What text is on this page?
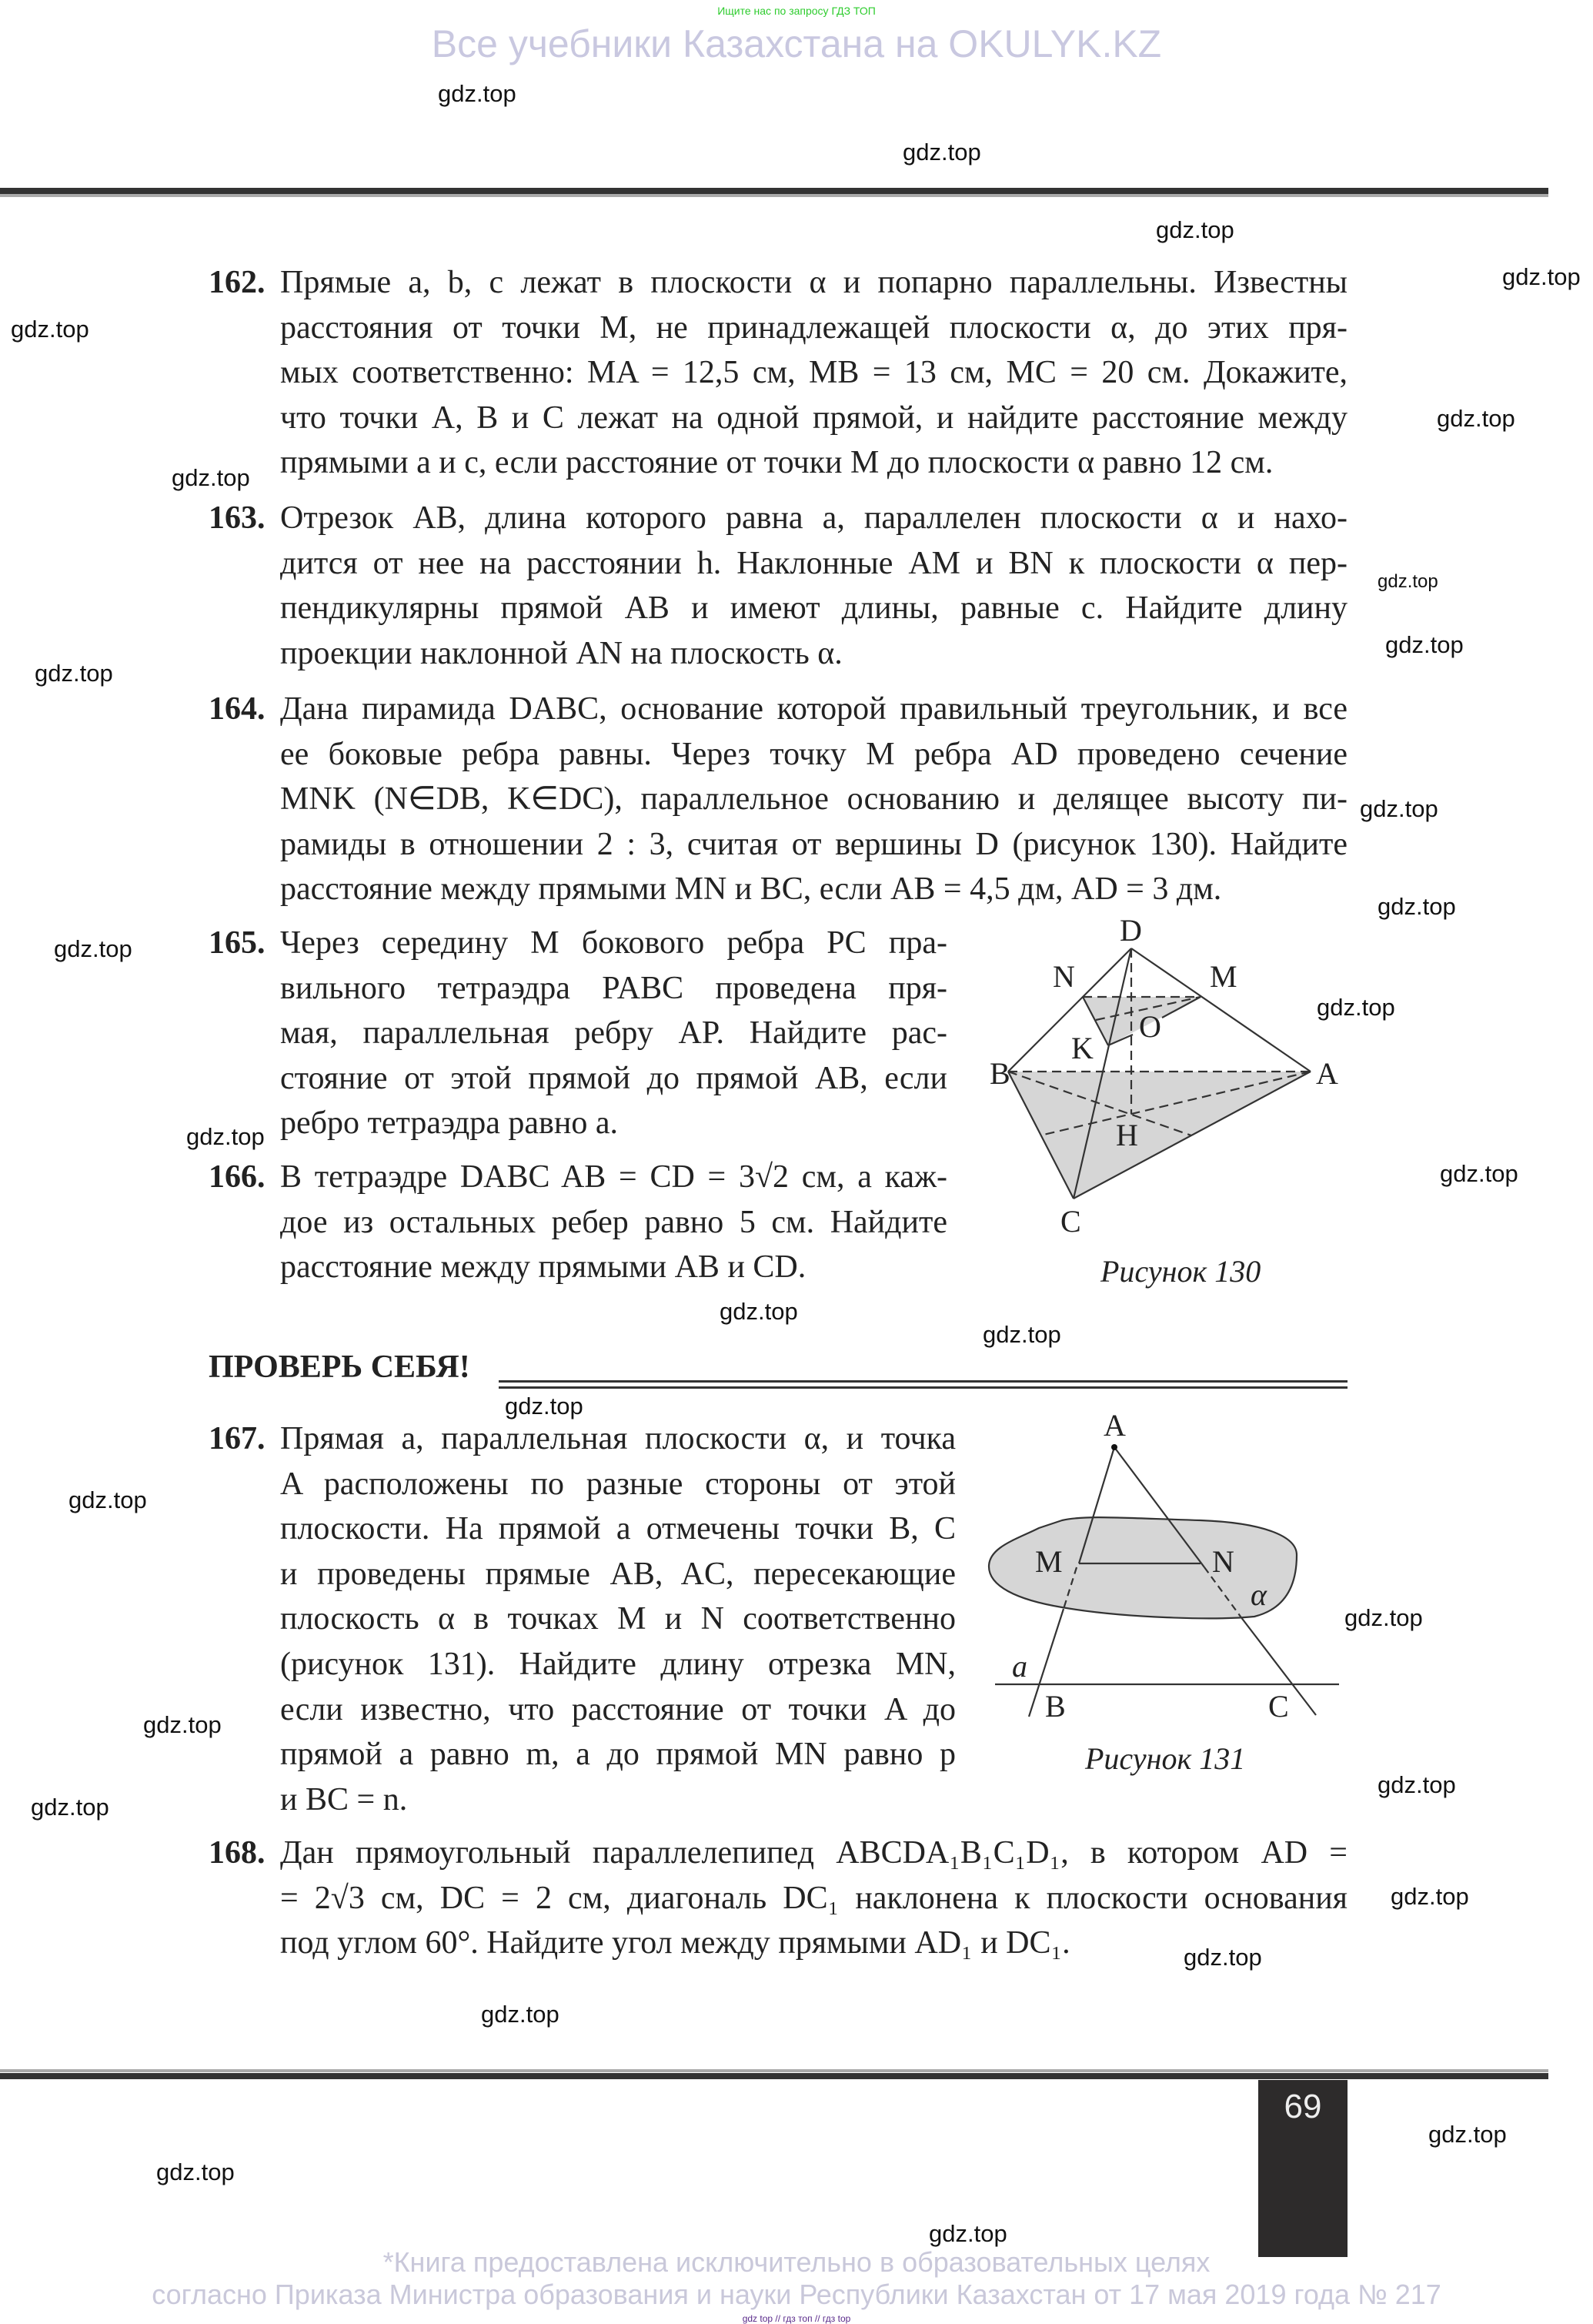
Ищите нас по запросу ГДЗ ТОП
Все учебники Казахстана на OKULYK.KZ
162. Прямые a, b, c лежат в плоскости α и попарно параллельны. Известны
расстояния от точки M, не принадлежащей плоскости α, до этих пря-
мых соответственно: MA = 12,5 см, MB = 13 см, MC = 20 см. Докажите,
что точки A, B и C лежат на одной прямой, и найдите расстояние между
прямыми a и c, если расстояние от точки M до плоскости α равно 12 см.
163. Отрезок AB, длина которого равна a, параллелен плоскости α и нахо-
дится от нее на расстоянии h. Наклонные AM и BN к плоскости α пер-
пендикулярны прямой AB и имеют длины, равные c. Найдите длину
проекции наклонной AN на плоскость α.
164. Дана пирамида DABC, основание которой правильный треугольник, и все
ее боковые ребра равны. Через точку M ребра AD проведено сечение
MNK (N∈DB, K∈DC), параллельное основанию и делящее высоту пи-
рамиды в отношении 2 : 3, считая от вершины D (рисунок 130). Найдите
расстояние между прямыми MN и BC, если AB = 4,5 дм, AD = 3 дм.
165. Через середину M бокового ребра PC пра-
вильного тетраэдра PABC проведена пря-
мая, параллельная ребру AP. Найдите рас-
стояние от этой прямой до прямой AB, если
ребро тетраэдра равно a.
166. В тетраэдре DABC AB = CD = 3√2 см, а каж-
дое из остальных ребер равно 5 см. Найдите
расстояние между прямыми AB и CD.
167. Прямая a, параллельная плоскости α, и точка
A расположены по разные стороны от этой
плоскости. На прямой a отмечены точки B, C
и проведены прямые AB, AC, пересекающие
плоскость α в точках M и N соответственно
(рисунок 131). Найдите длину отрезка MN,
если известно, что расстояние от точки A до
прямой a равно m, а до прямой MN равно p
и BC = n.
168. Дан прямоугольный параллелепипед ABCDA₁B₁C₁D₁, в котором AD =
= 2√3 см, DC = 2 см, диагональ DC₁ наклонена к плоскости основания
под углом 60°. Найдите угол между прямыми AD₁ и DC₁.
ПРОВЕРЬ СЕБЯ!
D
N	M
O
K
B	A
H
C
Рисунок 130
A
M	N
α
a
B	C
Рисунок 131
69
*Книга предоставлена исключительно в образовательных целях
согласно Приказа Министра образования и науки Республики Казахстан от 17 мая 2019 года № 217
gdz top // гдз топ // гдз top
gdz.top
gdz.top
gdz.top
gdz.top
gdz.top
gdz.top
gdz.top
gdz.top
gdz.top
gdz.top
gdz.top
gdz.top
gdz.top
gdz.top
gdz.top
gdz.top
gdz.top
gdz.top
gdz.top
gdz.top
gdz.top
gdz.top
gdz.top
gdz.top
gdz.top
gdz.top
gdz.top
gdz.top
gdz.top
gdz.top
